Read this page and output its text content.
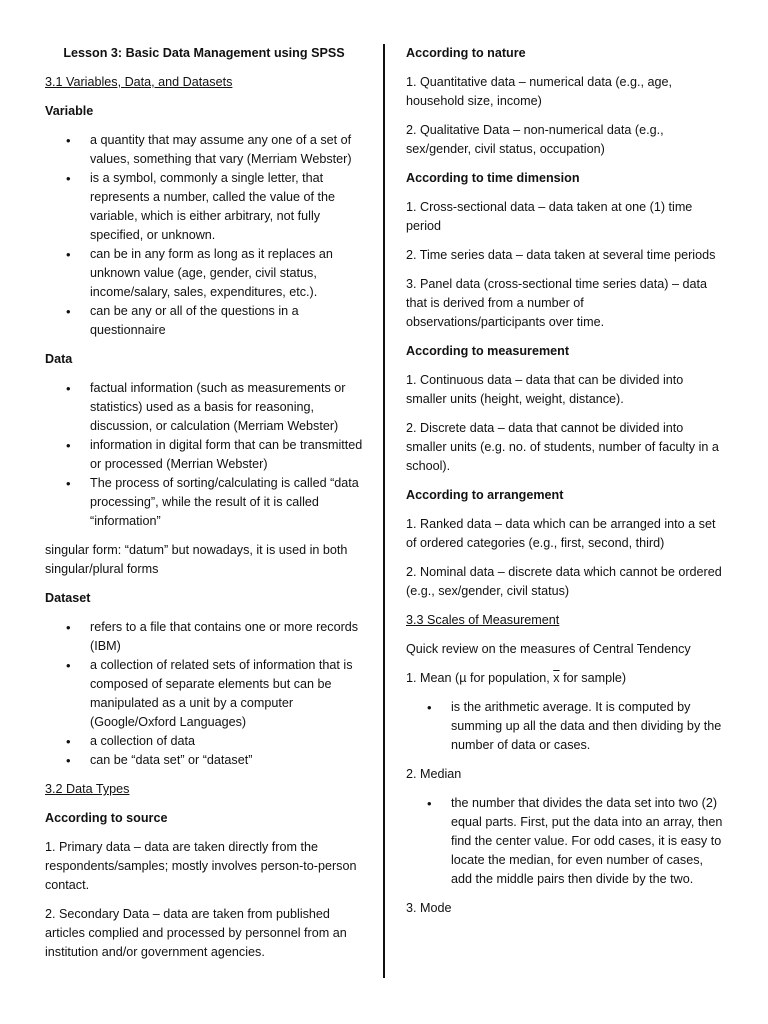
Lesson 3: Basic Data Management using SPSS

3.1 Variables, Data, and Datasets

Variable

• a quantity that may assume any one of a set of values, something that vary (Merriam Webster)
• is a symbol, commonly a single letter, that represents a number, called the value of the variable, which is either arbitrary, not fully specified, or unknown.
• can be in any form as long as it replaces an unknown value (age, gender, civil status, income/salary, sales, expenditures, etc.).
• can be any or all of the questions in a questionnaire

Data

• factual information (such as measurements or statistics) used as a basis for reasoning, discussion, or calculation (Merriam Webster)
• information in digital form that can be transmitted or processed (Merrian Webster)
• The process of sorting/calculating is called “data processing”, while the result of it is called “information”

singular form: “datum” but nowadays, it is used in both singular/plural forms

Dataset

• refers to a file that contains one or more records (IBM)
• a collection of related sets of information that is composed of separate elements but can be manipulated as a unit by a computer (Google/Oxford Languages)
• a collection of data
• can be “data set” or “dataset”

3.2 Data Types

According to source

1. Primary data – data are taken directly from the respondents/samples; mostly involves person-to-person contact.

2. Secondary Data – data are taken from published articles complied and processed by personnel from an institution and/or government agencies.

According to nature

1. Quantitative data – numerical data (e.g., age, household size, income)

2. Qualitative Data – non-numerical data (e.g., sex/gender, civil status, occupation)

According to time dimension

1. Cross-sectional data – data taken at one (1) time period

2. Time series data – data taken at several time periods

3. Panel data (cross-sectional time series data) – data that is derived from a number of observations/participants over time.

According to measurement

1. Continuous data – data that can be divided into smaller units (height, weight, distance).

2. Discrete data – data that cannot be divided into smaller units (e.g. no. of students, number of faculty in a school).

According to arrangement

1. Ranked data – data which can be arranged into a set of ordered categories (e.g., first, second, third)

2. Nominal data – discrete data which cannot be ordered (e.g., sex/gender, civil status)

3.3 Scales of Measurement

Quick review on the measures of Central Tendency

1. Mean (µ for population, $\overline{x}$ for sample)

• is the arithmetic average. It is computed by summing up all the data and then dividing by the number of data or cases.

2. Median

• the number that divides the data set into two (2) equal parts. First, put the data into an array, then find the center value. For odd cases, it is easy to locate the median, for even number of cases, add the middle pairs then divide by the two.

3. Mode
